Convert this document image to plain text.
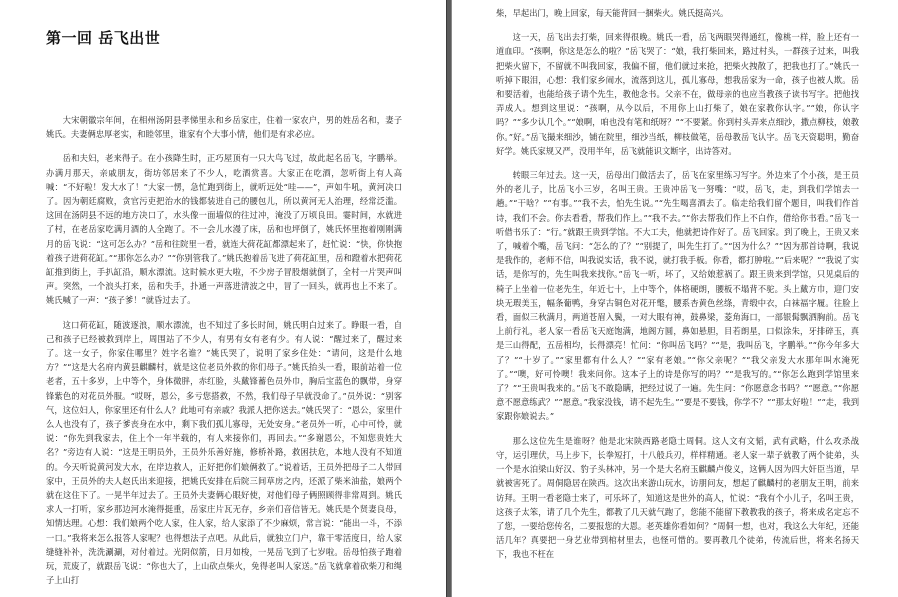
第一回 岳飞出世

大宋朝徽宗年间，在相州汤阴县孝悌里永和乡岳家庄，住着一家农户，男的姓岳名和，妻子姚氏。夫妻俩忠厚老实，和睦邻里，谁家有个大事小情，他们是有求必应。

岳和夫妇，老来得子。在小孩降生时，正巧屋顶有一只大鸟飞过，故此起名岳飞，字鹏举。办满月那天，亲戚朋友，街坊邻居来了不少人，吃酒赏喜。大家正在吃酒，忽听街上有人高喊：“不好啦！发大水了！”大家一愣，急忙跑到街上，就听远处“哇——”，声如牛吼，黄河决口了。因为朝廷腐败，贪官污吏把治水的钱都装进自己的腰包儿，所以黄河无人治理，经常泛滥。这回在汤阴县不远的地方决口了，水头像一面墙似的往过冲，淹没了万顷良田。霎时间，水就进了村，在老岳家吃满月酒的人全跑了。不一会儿水漫了床，岳和也坪倒了，姚氏怀里抱着刚刚满月的岳飞说：“这可怎么办？”岳和往院里一看，就连大荷花缸都漂起来了，赶忙说：“快，你快抱着孩子进荷花缸。”“那你怎么办？”“你别管我了。”姚氏抱着岳飞进了荷花缸里，岳和蹬着水把荷花缸推到街上，手扒缸沿，顺水漂流。这时候水更大啦，不少房子冒股烟就倒了，全村一片哭声叫声。突然，一个浪头打来，岳和失手，扑通一声落进清波之中，冒了一回头，就再也上不来了。姚氏喊了一声：“孩子爹！”就昏过去了。

这口荷花缸，随波逐浪，顺水漂流，也不知过了多长时间，姚氏明白过来了。睁眼一看，自己和孩子已经被救到岸上，周围站了不少人，有男有女有老有少。有人说：“醒过来了，醒过来了。这一女子，你家住哪里？姓字名谁？”姚氏哭了，说明了家乡住处：“请问，这是什么地方？”“这是大名府内黄县麒麟村，就是这位老员外救的你们母子。”姚氏抬头一看，眼前站着一位老者，五十多岁，上中等个，身体微胖，赤红脸，头戴锋蓄色员外巾，胸后宝蓝色的飘带，身穿锋紫色的对花员外服。“哎呀，恩公，多亏您搭救，不然，我们母子早就没命了。”员外说：“别客气，这位妇人，你家里还有什么人？此地可有亲戚？我派人把你送去。”姚氏哭了：“恩公，家里什么人也没有了，孩子爹丧身在水中，剩下我们孤儿寡母，无处安身。”老员外一听，心中可怜，就说：“你先到我家去，住上个一年半载的，有人来接你们，再回去。”“多谢恩公，不知您贵姓大名？”旁边有人说：“这是王明员外，王员外乐善好施，修桥补路，救困扶危，本地人没有不知道的。今天听说黄河发大水，在岸边救人，正好把你们娘俩救了。”说着话，王员外把母子二人带回家中，王员外的夫人赵氏出来迎接，把姚氏安排在后院三间草房之内，还派了柴米油盐，娘两个就在这住下了。一晃半年过去了。王员外夫妻俩心眼好使，对他们母子俩照顾得非常周到。姚氏求人一打听，家乡那边河水淹得挺重，岳家庄片瓦无存，乡亲们音信皆无。姚氏是个贤妻良母，知情达理。心想：我们娘两个吃人家，住人家，给人家添了不少麻烦，常言说：“能出一斗，不添一口。”我将来怎么报答人家呢？也得想法子点吧。从此后，就独立门户，靠干零活度日，给人家缝缝补补，洗洗涮涮，对付着过。光阴似箭，日月如梭，一晃岳飞到了七岁啦。岳母怕孩子跑着玩，荒废了，就跟岳飞说：“你也大了，上山砍点柴火，免得老叫人家送。”岳飞就拿着砍柴刀和绳子上山打

柴，早起出门，晚上回家，每天能背回一捆柴火。姚氏挺高兴。

这一天，岳飞出去打柴，回来得很晚。姚氏一看，岳飞两眼哭得通红，像桃一样，脸上还有一道血印。“孩啊，你这是怎么的啦？”岳飞哭了：“娘，我打柴回来，路过村头，一群孩子过来，叫我把柴火留下，不留就不叫我回家，我偏不留，他们就过来抢，把柴火拽散了，把我也打了。”姚氏一听掉下眼泪，心想：我们家乡闹水，流落到这儿，孤儿寡母，想我岳家为一命，孩子也被人欺。岳和要活着，也能给孩子请个先生，教他念书。父亲不在，做母亲的也应当教孩子读书写字。把他找弄成人。想到这里说：“孩啊，从今以后，不用你上山打柴了，娘在家教你认字。”“娘，你认字吗？”“多少认几个。”“娘啊，咱也没有笔和纸呀？”“不要紧。你到村头弄来点细沙，撒点柳枝，娘教你。”好。”岳飞撮来细沙，铺在院里，细沙当纸，柳枝做笔，岳母教岳飞认字。岳飞天资聪明，勤奋好学。姚氏家规又严，没用半年，岳飞就能识文断字，出诗答对。

转眼三年过去。这一天，岳母出门做活去了，岳飞在家里练习写字。外边来了个小孩，是王员外的老儿子，比岳飞小三岁，名叫王贵。王贵冲岳飞一努嘴：“哎，岳飞，走，到我们学馆去一趟。”“干啥？”“有事。”“我不去，怕先生说。”“先生喝喜酒去了。临走给我们留个题目，叫我们作首诗，我们不会。你去看看，帮我们作上。”“我不去。”“你去帮我们作上不白作，借给你书看。”岳飞一听借书乐了：“行。”就跟王贵到学馆。不大工夫，他就把诗作好了。岳飞回家。到了晚上，王贵又来了，喊着个嘴，岳飞问：“怎么的了？”“别提了，叫先生打了。”“因为什么？”“因为那首诗啊，我说是我作的，老师不信，叫我说实话，我不说，就打我手板。你看，都打肿啦。”“后来呢？”“我说了实话，是你写的，先生叫我来找你。”岳飞一听，坏了，又给娘惹祸了。跟王贵来到学馆，只见桌后的椅子上坐着一位老先生，年近七十，上中等个，体格硬朗，腰板不塌背不驼。头上戴方巾，迎门安块无瑕美玉，幅条葡鸭，身穿古铜色对花开氅，腰系杏黄色丝绦，青缎中衣，白袜福字履。往脸上看，面似三秋满月，两道苍眉入鬓，一对大眼有神，鼓鼻梁，菱角海口，一部银髯飘洒胸前。岳飞上前行礼，老人家一看岳飞天庭饱满，地阁方圆，鼻如悬胆，目若朗星，口似涂朱，牙排碎玉，真是三山得配，五岳相均，长得漂亮！忙问：“你叫岳飞吗？”“是，我叫岳飞，字鹏举。”“你今年多大了？”“十岁了。”“家里都有什么人？”“家有老娘。”“你父亲呢？”“我父亲发大水那年叫水淹死了。”“噢，好可怜噢！我来问你。这本子上的诗是你写的吗？”“是我写的。”“你怎么跑到学馆里来了？”“王贵叫我来的。”岳飞不敢隐瞒，把经过说了一遍。先生问：“你愿意念书吗？”“愿意。”“你愿意不愿意练武？”“愿意。”我家没钱，请不起先生。”“要是不要钱，你学不？”“那太好啦！”“走，我到家跟你娘说去。”

那么这位先生是谁呀？他是北宋陕西路老隐士周侗。这人文有文韬，武有武略，什么攻杀战守，运引理伏，马上步下，长拳短打，十八般兵刃，样样精通。老人家一辈子就教了两个徒弟，头一个是水泊梁山好汉、豹子头林冲，另一个是大名府玉麒麟卢俊义，这俩人因为四大奸臣当道，早就被害死了。周侗隐居在陕西。这次出来游山玩水，访朋问友，想起了麒麟村的老朋友王明，前来访拜。王明一看老隐士来了，可乐坏了，知道这是世外的高人，忙说：“我有个小儿子，名叫王贵，这孩子太笨，请了几个先生，都教了几天就气跑了，您能不能留下教教我的孩子，将来成名定忘不了您，一要给您传名，二要报您的大恩。老英雄你看如何？”周侗一想，也对，我这么大年纪，还能活几年？真要把一身艺业带到棺材里去，也怪可惜的。要再教几个徒弟，传流后世，将来名扬天下，我也不枉在
